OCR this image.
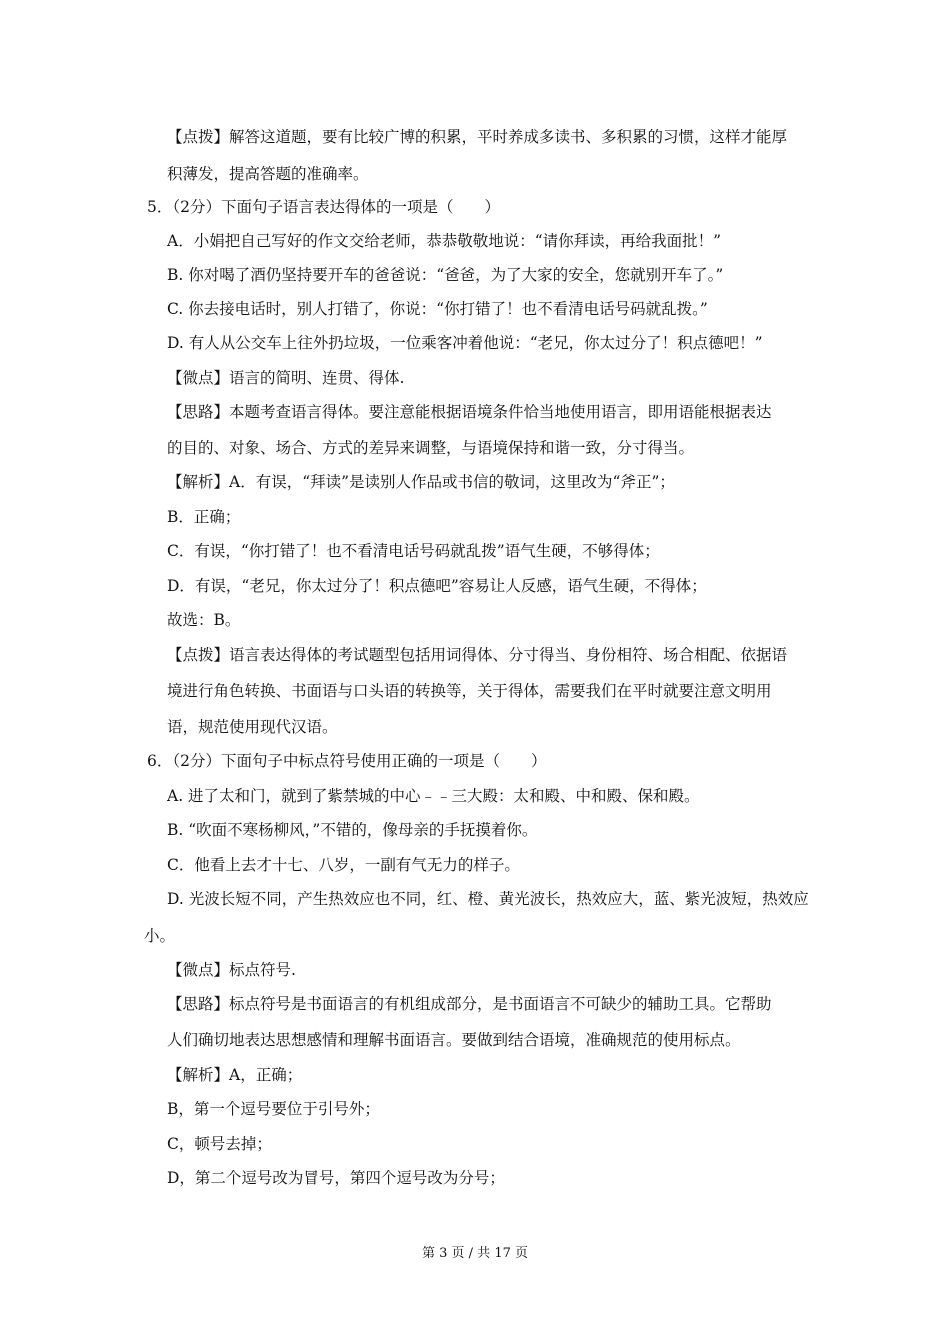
【点拨】解答这道题，要有比较广博的积累，平时养成多读书、多积累的习惯，这样才能厚
积薄发，提高答题的准确率。
5．（2分）下面句子语言表达得体的一项是（　　）
A．小娟把自己写好的作文交给老师，恭恭敬敬地说：“请你拜读，再给我面批！”
B. 你对喝了酒仍坚持要开车的爸爸说：“爸爸，为了大家的安全，您就别开车了。”
C. 你去接电话时，别人打错了，你说：“你打错了！也不看清电话号码就乱拨。”
D. 有人从公交车上往外扔垃圾，一位乘客冲着他说：“老兄，你太过分了！积点德吧！”
【微点】语言的简明、连贯、得体.
【思路】本题考查语言得体。要注意能根据语境条件恰当地使用语言，即用语能根据表达
的目的、对象、场合、方式的差异来调整，与语境保持和谐一致，分寸得当。
【解析】A．有误，“拜读”是读别人作品或书信的敬词，这里改为“斧正”；
B．正确；
C．有误，“你打错了！也不看清电话号码就乱拨”语气生硬，不够得体；
D．有误，“老兄，你太过分了！积点德吧”容易让人反感，语气生硬，不得体；
故选：B。
【点拨】语言表达得体的考试题型包括用词得体、分寸得当、身份相符、场合相配、依据语
境进行角色转换、书面语与口头语的转换等，关于得体，需要我们在平时就要注意文明用
语，规范使用现代汉语。
6．（2分）下面句子中标点符号使用正确的一项是（　　）
A. 进了太和门，就到了紫禁城的中心﹣﹣三大殿：太和殿、中和殿、保和殿。
B. “吹面不寒杨柳风，”不错的，像母亲的手抚摸着你。
C．他看上去才十七、八岁，一副有气无力的样子。
D. 光波长短不同，产生热效应也不同，红、橙、黄光波长，热效应大，蓝、紫光波短，热效应
小。
【微点】标点符号.
【思路】标点符号是书面语言的有机组成部分，是书面语言不可缺少的辅助工具。它帮助
人们确切地表达思想感情和理解书面语言。要做到结合语境，准确规范的使用标点。
【解析】A，正确；
B，第一个逗号要位于引号外；
C，顿号去掉；
D，第二个逗号改为冒号，第四个逗号改为分号；
第 3 页 / 共 17 页
